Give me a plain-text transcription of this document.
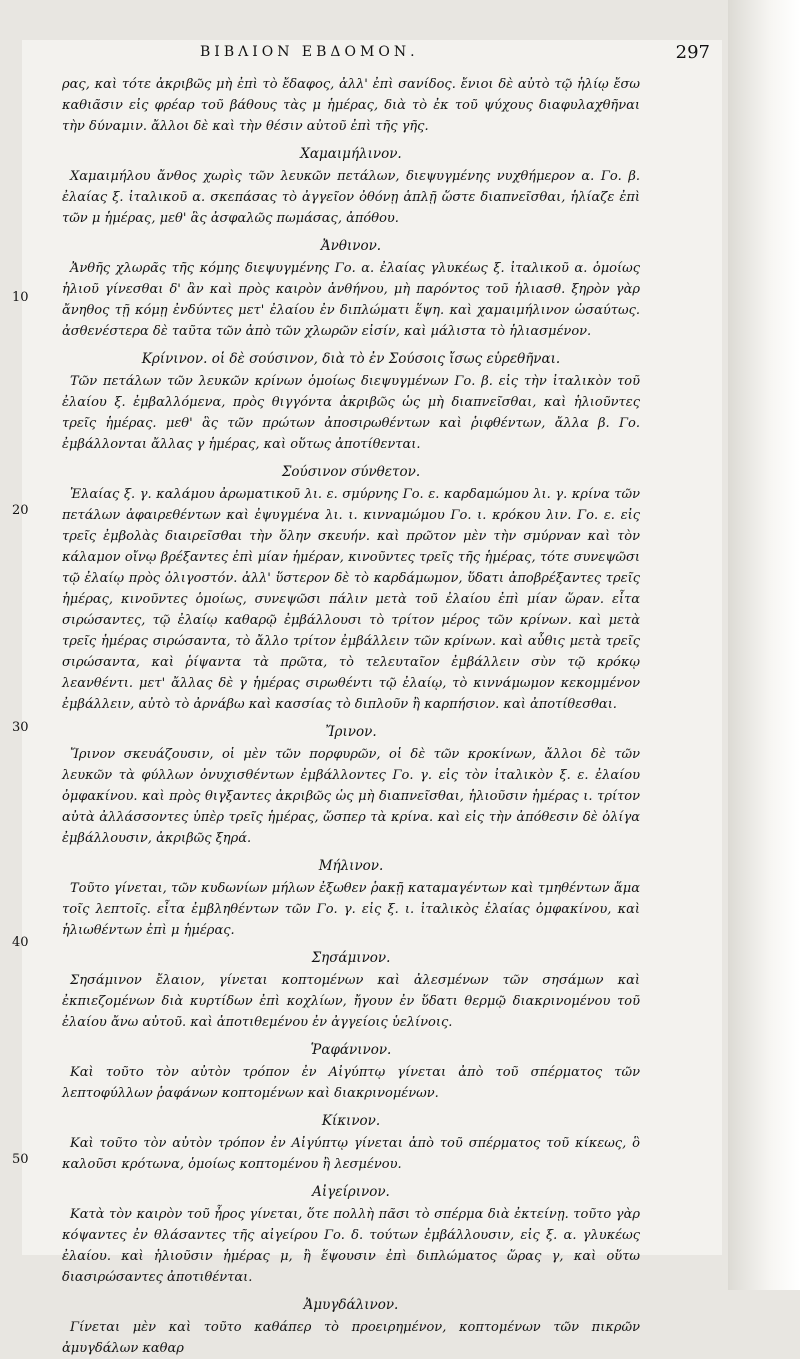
ΒΙΒΛΙΟΝ ΕΒΔΟΜΟΝ.	297
10
20
30
40
50

ρας, καὶ τότε ἀκριβῶς μὴ ἐπὶ τὸ ἔδαφος, ἀλλ' ἐπὶ σανίδος. ἔνιοι δὲ αὐτὸ τῷ ἡλίῳ ἔσω καθιᾶσιν εἰς φρέαρ τοῦ βάθους τὰς μ ἡμέρας, διὰ τὸ ἐκ τοῦ ψύχους διαφυλαχθῆναι τὴν δύναμιν. ἄλλοι δὲ καὶ τὴν θέσιν αὐτοῦ ἐπὶ τῆς γῆς.

Χαμαιμήλινον.

Χαμαιμήλου ἄνθος χωρὶς τῶν λευκῶν πετάλων, διεψυγμένης νυχθήμερον α. Γο. β. ἐλαίας ξ. ἰταλικοῦ α. σκεπάσας τὸ ἀγγεῖον ὀθόνῃ ἁπλῇ ὥστε διαπνεῖσθαι, ἡλίαζε ἐπὶ τῶν μ ἡμέρας, μεθ' ἃς ἀσφαλῶς πωμάσας, ἀπόθου.

Ἀνθινον.

Ἀνθῆς χλωρᾶς τῆς κόμης διεψυγμένης Γο. α. ἐλαίας γλυκέως ξ. ἰταλικοῦ α. ὁμοίως ἡλιοῦ γίνεσθαι δ' ἂν καὶ πρὸς καιρὸν ἀνθήνου, μὴ παρόντος τοῦ ἡλιασθ. ξηρὸν γὰρ ἄνηθος τῇ κόμῃ ἐνδύντες μετ' ἐλαίου ἐν διπλώματι ἕψη. καὶ χαμαιμήλινον ὡσαύτως. ἀσθενέστερα δὲ ταῦτα τῶν ἀπὸ τῶν χλωρῶν εἰσίν, καὶ μάλιστα τὸ ἡλιασμένον.

Κρίνινον. οἱ δὲ σούσινον, διὰ τὸ ἐν Σούσοις ἴσως εὑρεθῆναι.

Τῶν πετάλων τῶν λευκῶν κρίνων ὁμοίως διεψυγμένων Γο. β. εἰς τὴν ἰταλικὸν τοῦ ἐλαίου ξ. ἐμβαλλόμενα, πρὸς θιγγόντα ἀκριβῶς ὡς μὴ διαπνεῖσθαι, καὶ ἡλιοῦντες τρεῖς ἡμέρας. μεθ' ἃς τῶν πρώτων ἀποσιρωθέντων καὶ ῥιφθέντων, ἄλλα β. Γο. ἐμβάλλονται ἄλλας γ ἡμέρας, καὶ οὕτως ἀποτίθενται.

Σούσινον σύνθετον.

Ἐλαίας ξ. γ. καλάμου ἀρωματικοῦ λι. ε. σμύρνης Γο. ε. καρδαμώμου λι. γ. κρίνα τῶν πετάλων ἀφαιρεθέντων καὶ ἐψυγμένα λι. ι. κινναμώμου Γο. ι. κρόκου λιν. Γο. ε. εἰς τρεῖς ἐμβολὰς διαιρεῖσθαι τὴν ὅλην σκευήν. καὶ πρῶτον μὲν τὴν σμύρναν καὶ τὸν κάλαμον οἴνῳ βρέξαντες ἐπὶ μίαν ἡμέραν, κινοῦντες τρεῖς τῆς ἡμέρας, τότε συνεψῶσι τῷ ἐλαίῳ πρὸς ὀλιγοστόν. ἀλλ' ὕστερον δὲ τὸ καρδάμωμον, ὕδατι ἀποβρέξαντες τρεῖς ἡμέρας, κινοῦντες ὁμοίως, συνεψῶσι πάλιν μετὰ τοῦ ἐλαίου ἐπὶ μίαν ὥραν. εἶτα σιρώσαντες, τῷ ἐλαίῳ καθαρῷ ἐμβάλλουσι τὸ τρίτον μέρος τῶν κρίνων. καὶ μετὰ τρεῖς ἡμέρας σιρώσαντα, τὸ ἄλλο τρίτον ἐμβάλλειν τῶν κρίνων. καὶ αὖθις μετὰ τρεῖς σιρώσαντα, καὶ ῥίψαντα τὰ πρῶτα, τὸ τελευταῖον ἐμβάλλειν σὺν τῷ κρόκῳ λεανθέντι. μετ' ἄλλας δὲ γ ἡμέρας σιρωθέντι τῷ ἐλαίῳ, τὸ κιννάμωμον κεκομμένον ἐμβάλλειν, αὐτὸ τὸ ἀρνάβω καὶ κασσίας τὸ διπλοῦν ἢ καρπήσιον. καὶ ἀποτίθεσθαι.

Ἴρινον.

Ἴρινον σκευάζουσιν, οἱ μὲν τῶν πορφυρῶν, οἱ δὲ τῶν κροκίνων, ἄλλοι δὲ τῶν λευκῶν τὰ φύλλων ὀνυχισθέντων ἐμβάλλοντες Γο. γ. εἰς τὸν ἰταλικὸν ξ. ε. ἐλαίου ὀμφακίνου. καὶ πρὸς θιγξαντες ἀκριβῶς ὡς μὴ διαπνεῖσθαι, ἡλιοῦσιν ἡμέρας ι. τρίτον αὐτὰ ἀλλάσσοντες ὑπὲρ τρεῖς ἡμέρας, ὥσπερ τὰ κρίνα. καὶ εἰς τὴν ἀπόθεσιν δὲ ὀλίγα ἐμβάλλουσιν, ἀκριβῶς ξηρά.

Μήλινον.

Τοῦτο γίνεται, τῶν κυδωνίων μήλων ἐξωθεν ῥακῇ καταμαγέντων καὶ τμηθέντων ἅμα τοῖς λεπτοῖς. εἶτα ἐμβληθέντων τῶν Γο. γ. εἰς ξ. ι. ἰταλικὸς ἐλαίας ὀμφακίνου, καὶ ἡλιωθέντων ἐπὶ μ ἡμέρας.

Σησάμινον.

Σησάμινον ἔλαιον, γίνεται κοπτομένων καὶ ἀλεσμένων τῶν σησάμων καὶ ἐκπιεζομένων διὰ κυρτίδων ἐπὶ κοχλίων, ἤγουν ἐν ὕδατι θερμῷ διακρινομένου τοῦ ἐλαίου ἄνω αὐτοῦ. καὶ ἀποτιθεμένου ἐν ἀγγείοις ὑελίνοις.

Ῥαφάνινον.

Καὶ τοῦτο τὸν αὐτὸν τρόπον ἐν Αἰγύπτῳ γίνεται ἀπὸ τοῦ σπέρματος τῶν λεπτοφύλλων ῥαφάνων κοπτομένων καὶ διακρινομένων.

Κίκινον.

Καὶ τοῦτο τὸν αὐτὸν τρόπον ἐν Αἰγύπτῳ γίνεται ἀπὸ τοῦ σπέρματος τοῦ κίκεως, ὃ καλοῦσι κρότωνα, ὁμοίως κοπτομένου ἢ λεσμένου.

Αἰγείρινον.

Κατὰ τὸν καιρὸν τοῦ ἦρος γίνεται, ὅτε πολλὴ πᾶσι τὸ σπέρμα διὰ ἐκτείνῃ. τοῦτο γὰρ κόψαντες ἐν θλάσαντες τῆς αἰγείρου Γο. δ. τούτων ἐμβάλλουσιν, εἰς ξ. α. γλυκέως ἐλαίου. καὶ ἡλιοῦσιν ἡμέρας μ, ἢ ἕψουσιν ἐπὶ διπλώματος ὥρας γ, καὶ οὕτω διασιρώσαντες ἀποτιθένται.

Ἀμυγδάλινον.

Γίνεται μὲν καὶ τοῦτο καθάπερ τὸ προειρημένον, κοπτομένων τῶν πικρῶν ἀμυγδάλων καθαρ
